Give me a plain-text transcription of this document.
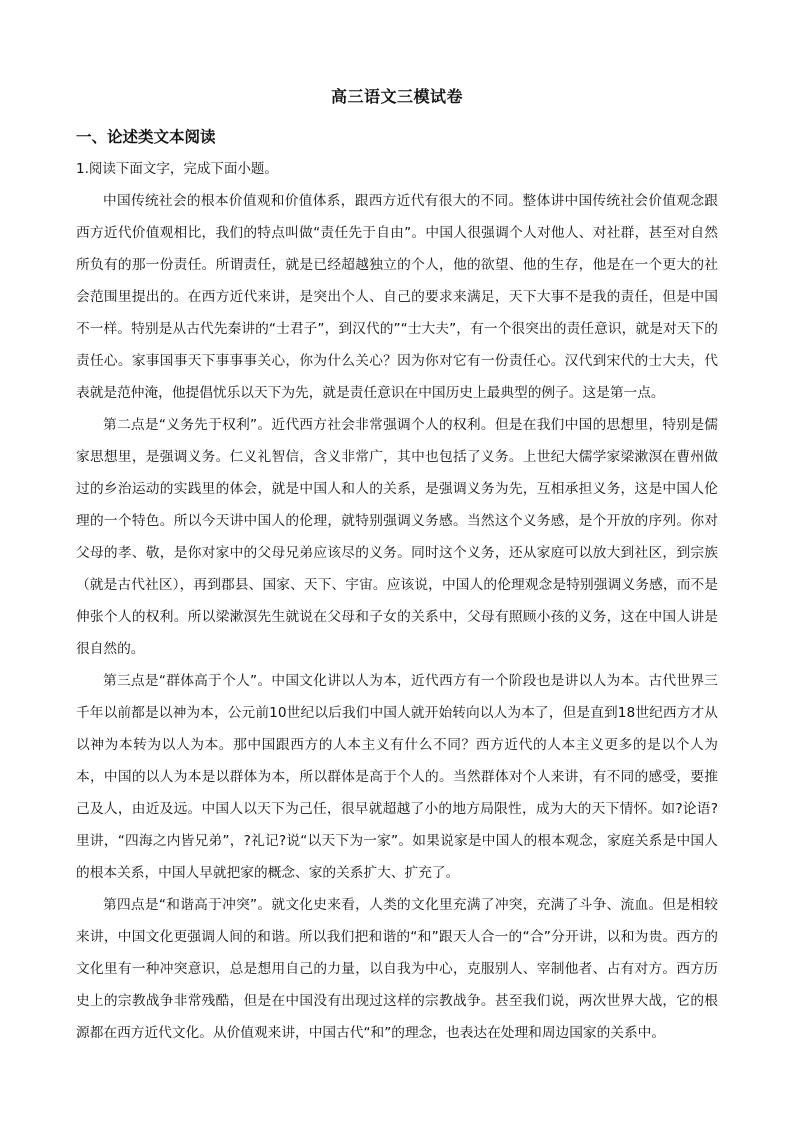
高三语文三模试卷
一、论述类文本阅读
1.阅读下面文字，完成下面小题。

中国传统社会的根本价值观和价值体系，跟西方近代有很大的不同。整体讲中国传统社会价值观念跟西方近代价值观相比，我们的特点叫做“责任先于自由”。中国人很强调个人对他人、对社群，甚至对自然所负有的那一份责任。所谓责任，就是已经超越独立的个人，他的欲望、他的生存，他是在一个更大的社会范围里提出的。在西方近代来讲，是突出个人、自己的要求来满足，天下大事不是我的责任，但是中国不一样。特别是从古代先秦讲的“士君子”，到汉代的”“士大夫”，有一个很突出的责任意识，就是对天下的责任心。家事国事天下事事事关心，你为什么关心？因为你对它有一份责任心。汉代到宋代的士大夫，代表就是范仲淹，他提倡忧乐以天下为先，就是责任意识在中国历史上最典型的例子。这是第一点。

第二点是“义务先于权利”。近代西方社会非常强调个人的权利。但是在我们中国的思想里，特别是儒家思想里，是强调义务。仁义礼智信，含义非常广，其中也包括了义务。上世纪大儒学家梁漱溟在曹州做过的乡治运动的实践里的体会，就是中国人和人的关系，是强调义务为先，互相承担义务，这是中国人伦理的一个特色。所以今天讲中国人的伦理，就特别强调义务感。当然这个义务感，是个开放的序列。你对父母的孝、敬，是你对家中的父母兄弟应该尽的义务。同时这个义务，还从家庭可以放大到社区，到宗族（就是古代社区），再到郡县、国家、天下、宇宙。应该说，中国人的伦理观念是特别强调义务感，而不是伸张个人的权利。所以梁漱溟先生就说在父母和子女的关系中，父母有照顾小孩的义务，这在中国人讲是很自然的。

第三点是“群体高于个人”。中国文化讲以人为本，近代西方有一个阶段也是讲以人为本。古代世界三千年以前都是以神为本，公元前10世纪以后我们中国人就开始转向以人为本了，但是直到18世纪西方才从以神为本转为以人为本。那中国跟西方的人本主义有什么不同？西方近代的人本主义更多的是以个人为本，中国的以人为本是以群体为本，所以群体是高于个人的。当然群体对个人来讲，有不同的感受，要推己及人，由近及远。中国人以天下为己任，很早就超越了小的地方局限性，成为大的天下情怀。如?论语?里讲，“四海之内皆兄弟”，?礼记?说“以天下为一家”。如果说家是中国人的根本观念，家庭关系是中国人的根本关系，中国人早就把家的概念、家的关系扩大、扩充了。

第四点是“和谐高于冲突”。就文化史来看，人类的文化里充满了冲突，充满了斗争、流血。但是相较来讲，中国文化更强调人间的和谐。所以我们把和谐的“和”跟天人合一的“合”分开讲，以和为贵。西方的文化里有一种冲突意识，总是想用自己的力量，以自我为中心，克服别人、宰制他者、占有对方。西方历史上的宗教战争非常残酷，但是在中国没有出现过这样的宗教战争。甚至我们说，两次世界大战，它的根源都在西方近代文化。从价值观来讲，中国古代“和”的理念，也表达在处理和周边国家的关系中。
